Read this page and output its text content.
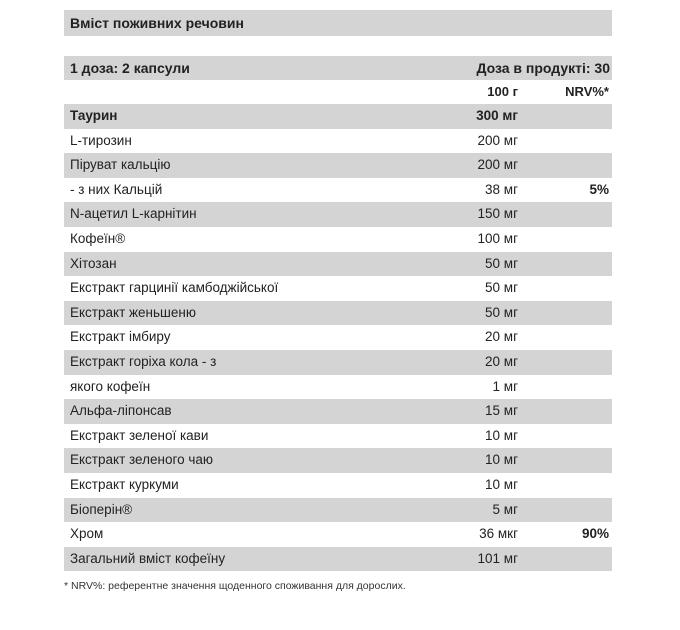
Вміст поживних речовин
1 доза: 2 капсули	Доза в продукті: 30
100 г	NRV%*
Таурин	300 мг
L-тирозин	200 мг
Піруват кальцію	200 мг
- з них Кальцій	38 мг	5%
N-ацетил L-карнітин	150 мг
Кофеїн®	100 мг
Хітозан	50 мг
Екстракт гарцинії камбоджійської	50 мг
Екстракт женьшеню	50 мг
Екстракт імбиру	20 мг
Екстракт горіха кола - з	20 мг
якого кофеїн	1 мг
Альфа-ліпонсав	15 мг
Екстракт зеленої кави	10 мг
Екстракт зеленого чаю	10 мг
Екстракт куркуми	10 мг
Біоперін®	5 мг
Хром	36 мкг	90%
Загальний вміст кофеїну	101 мг
* NRV%: референтне значення щоденного споживання для дорослих.
